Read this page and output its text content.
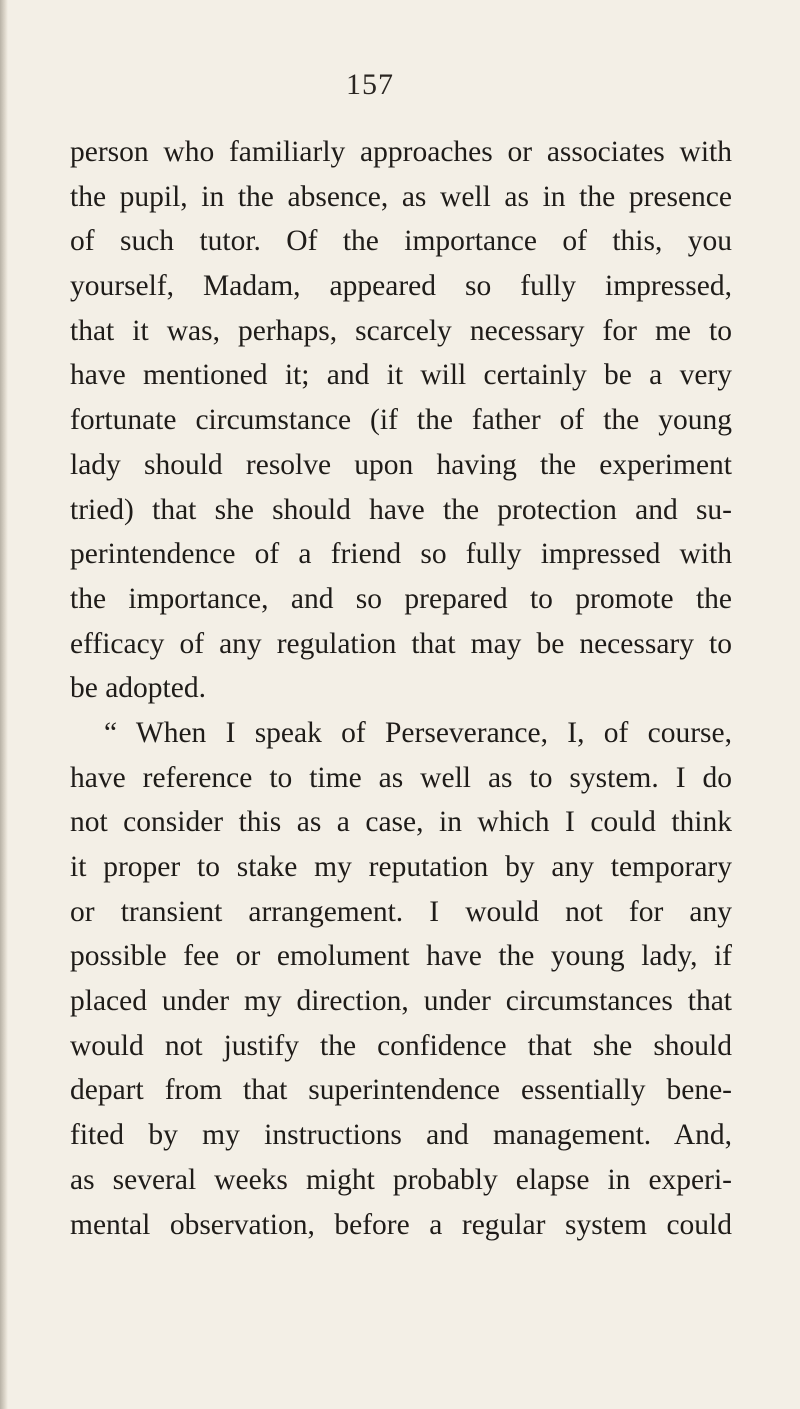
157
person who familiarly approaches or associates with
the pupil, in the absence, as well as in the presence
of such tutor. Of the importance of this, you
yourself, Madam, appeared so fully impressed,
that it was, perhaps, scarcely necessary for me to
have mentioned it; and it will certainly be a very
fortunate circumstance (if the father of the young
lady should resolve upon having the experiment
tried) that she should have the protection and su-
perintendence of a friend so fully impressed with
the importance, and so prepared to promote the
efficacy of any regulation that may be necessary to
be adopted.
“ When I speak of Perseverance, I, of course,
have reference to time as well as to system. I do
not consider this as a case, in which I could think
it proper to stake my reputation by any temporary
or transient arrangement. I would not for any
possible fee or emolument have the young lady, if
placed under my direction, under circumstances that
would not justify the confidence that she should
depart from that superintendence essentially bene-
fited by my instructions and management. And,
as several weeks might probably elapse in experi-
mental observation, before a regular system could
